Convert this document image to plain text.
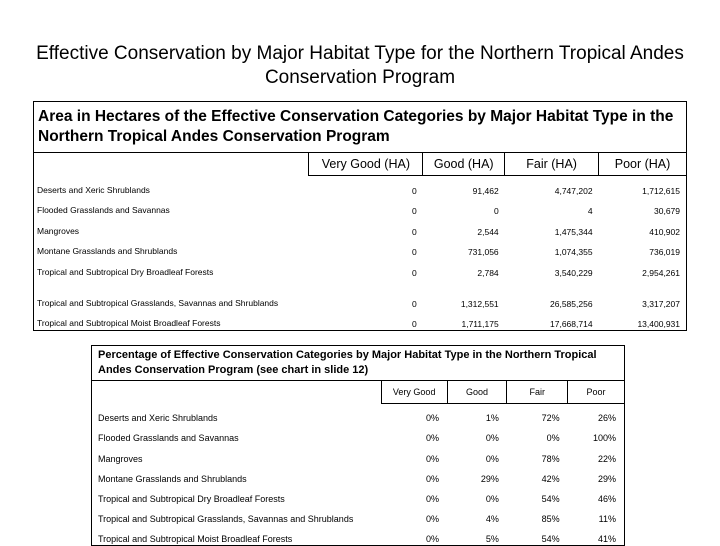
Effective Conservation by Major Habitat Type for the Northern Tropical Andes Conservation Program
Area in Hectares of the Effective Conservation Categories by Major Habitat Type in the Northern Tropical Andes Conservation Program				
	Very Good (HA)	Good (HA)	Fair (HA)	Poor (HA)
Deserts and Xeric Shrublands	0	91,462	4,747,202	1,712,615
Flooded Grasslands and Savannas	0	0	4	30,679
Mangroves	0	2,544	1,475,344	410,902
Montane Grasslands and Shrublands	0	731,056	1,074,355	736,019
Tropical and Subtropical Dry Broadleaf Forests	0	2,784	3,540,229	2,954,261
Tropical and Subtropical Grasslands, Savannas and Shrublands	0	1,312,551	26,585,256	3,317,207
Tropical and Subtropical Moist Broadleaf Forests	0	1,711,175	17,668,714	13,400,931
Percentage of Effective Conservation Categories by Major Habitat Type in the Northern Tropical Andes Conservation Program (see chart in slide 12)				
	Very Good	Good	Fair	Poor
Deserts and Xeric Shrublands	0%	1%	72%	26%
Flooded Grasslands and Savannas	0%	0%	0%	100%
Mangroves	0%	0%	78%	22%
Montane Grasslands and Shrublands	0%	29%	42%	29%
Tropical and Subtropical Dry Broadleaf Forests	0%	0%	54%	46%
Tropical and Subtropical Grasslands, Savannas and Shrublands	0%	4%	85%	11%
Tropical and Subtropical Moist Broadleaf Forests	0%	5%	54%	41%
